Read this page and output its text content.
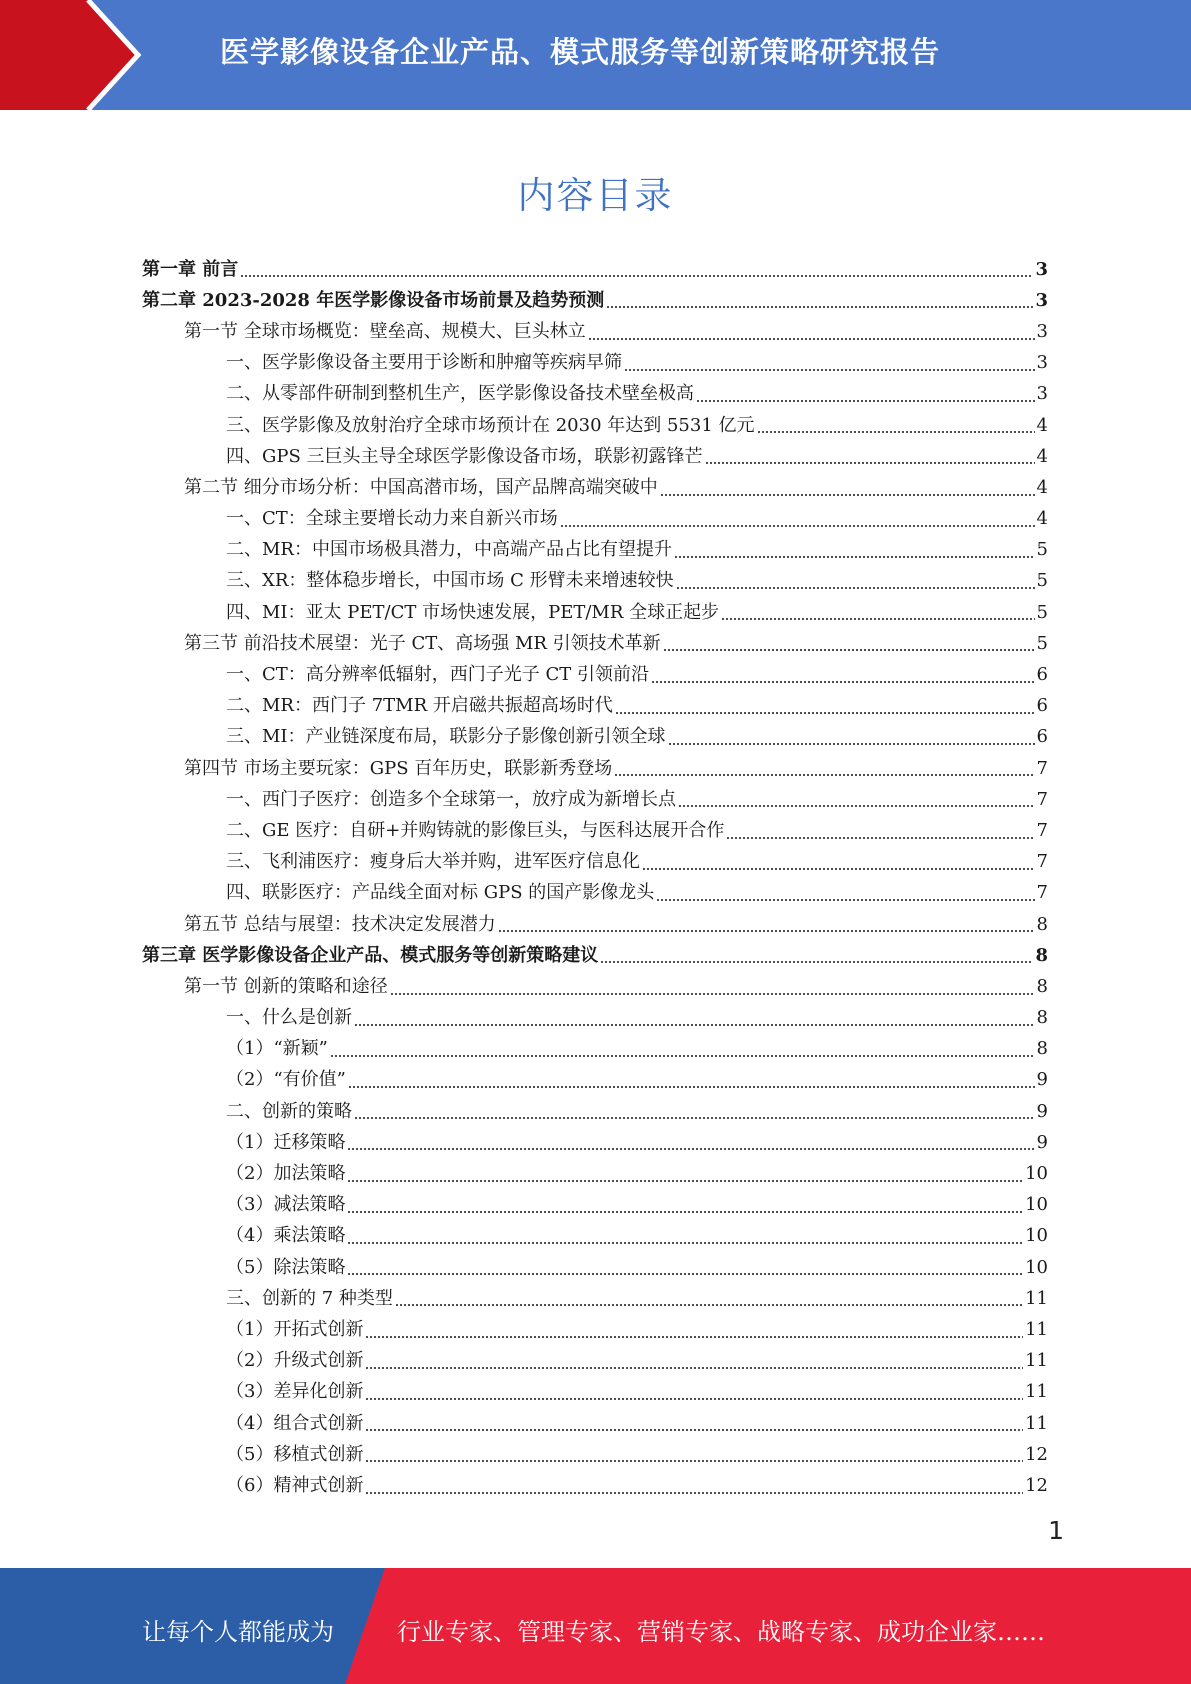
医学影像设备企业产品、模式服务等创新策略研究报告
内容目录
第一章 前言	3
第二章 2023-2028 年医学影像设备市场前景及趋势预测	3
第一节 全球市场概览：壁垒高、规模大、巨头林立	3
一、医学影像设备主要用于诊断和肿瘤等疾病早筛	3
二、从零部件研制到整机生产，医学影像设备技术壁垒极高	3
三、医学影像及放射治疗全球市场预计在 2030 年达到 5531 亿元	4
四、GPS 三巨头主导全球医学影像设备市场，联影初露锋芒	4
第二节 细分市场分析：中国高潜市场，国产品牌高端突破中	4
一、CT：全球主要增长动力来自新兴市场	4
二、MR：中国市场极具潜力，中高端产品占比有望提升	5
三、XR：整体稳步增长，中国市场 C 形臂未来增速较快	5
四、MI：亚太 PET/CT 市场快速发展，PET/MR 全球正起步	5
第三节 前沿技术展望：光子 CT、高场强 MR 引领技术革新	5
一、CT：高分辨率低辐射，西门子光子 CT 引领前沿	6
二、MR：西门子 7TMR 开启磁共振超高场时代	6
三、MI：产业链深度布局，联影分子影像创新引领全球	6
第四节 市场主要玩家：GPS 百年历史，联影新秀登场	7
一、西门子医疗：创造多个全球第一，放疗成为新增长点	7
二、GE 医疗：自研+并购铸就的影像巨头，与医科达展开合作	7
三、飞利浦医疗：瘦身后大举并购，进军医疗信息化	7
四、联影医疗：产品线全面对标 GPS 的国产影像龙头	7
第五节 总结与展望：技术决定发展潜力	8
第三章 医学影像设备企业产品、模式服务等创新策略建议	8
第一节 创新的策略和途径	8
一、什么是创新	8
（1）“新颖”	8
（2）“有价值”	9
二、创新的策略	9
（1）迁移策略	9
（2）加法策略	10
（3）减法策略	10
（4）乘法策略	10
（5）除法策略	10
三、创新的 7 种类型	11
（1）开拓式创新	11
（2）升级式创新	11
（3）差异化创新	11
（4）组合式创新	11
（5）移植式创新	12
（6）精神式创新	12
1
让每个人都能成为	行业专家、管理专家、营销专家、战略专家、成功企业家……
